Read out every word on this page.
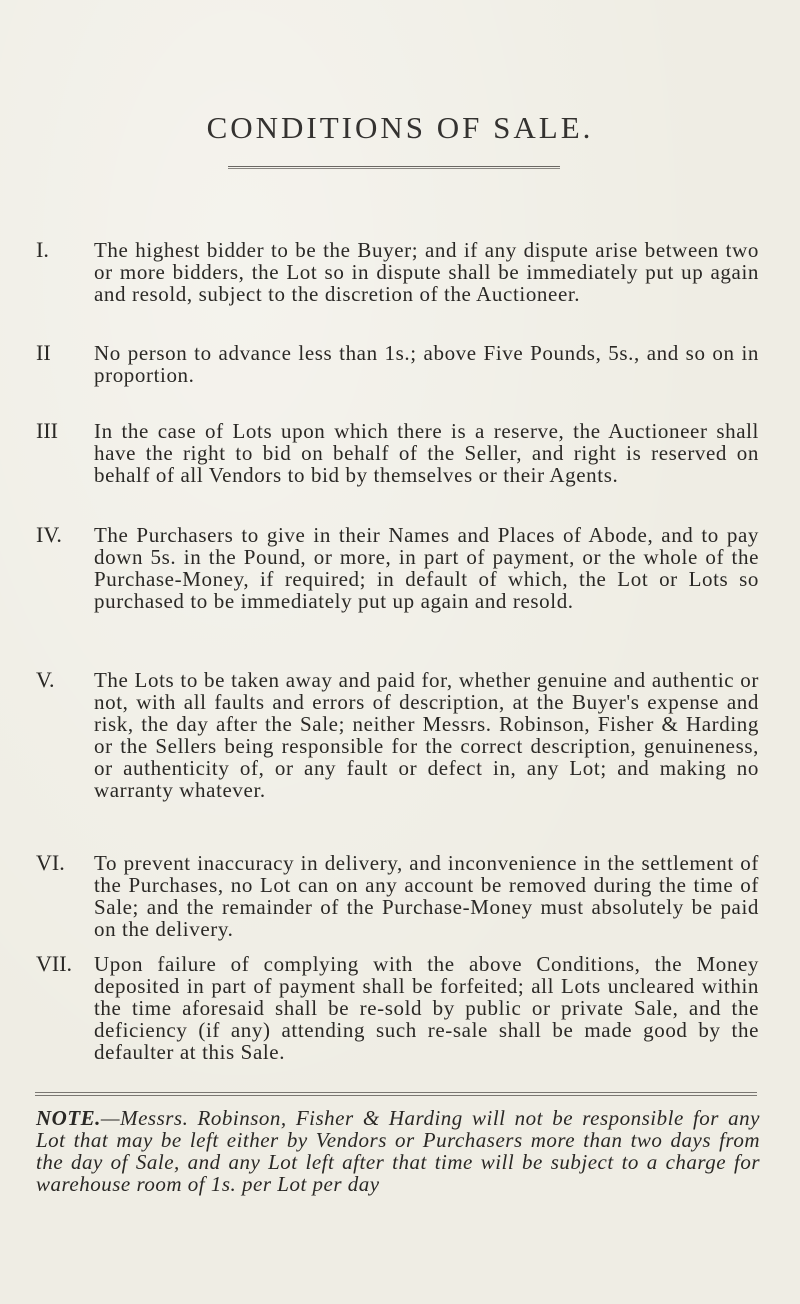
CONDITIONS OF SALE.
I.	The highest bidder to be the Buyer; and if any dispute arise between two or more bidders, the Lot so in dispute shall be immediately put up again and resold, subject to the discretion of the Auctioneer.
II	No person to advance less than 1s.; above Five Pounds, 5s., and so on in proportion.
III	In the case of Lots upon which there is a reserve, the Auctioneer shall have the right to bid on behalf of the Seller, and right is reserved on behalf of all Vendors to bid by themselves or their Agents.
IV.	The Purchasers to give in their Names and Places of Abode, and to pay down 5s. in the Pound, or more, in part of payment, or the whole of the Purchase-Money, if required; in default of which, the Lot or Lots so purchased to be immediately put up again and resold.
V.	The Lots to be taken away and paid for, whether genuine and authentic or not, with all faults and errors of description, at the Buyer's expense and risk, the day after the Sale; neither Messrs. Robinson, Fisher & Harding or the Sellers being responsible for the correct description, genuineness, or authenticity of, or any fault or defect in, any Lot; and making no warranty whatever.
VI.	To prevent inaccuracy in delivery, and inconvenience in the settlement of the Purchases, no Lot can on any account be removed during the time of Sale; and the remainder of the Purchase-Money must absolutely be paid on the delivery.
VII.	Upon failure of complying with the above Conditions, the Money deposited in part of payment shall be forfeited; all Lots uncleared within the time aforesaid shall be re-sold by public or private Sale, and the deficiency (if any) attending such re-sale shall be made good by the defaulter at this Sale.
NOTE.—Messrs. Robinson, Fisher & Harding will not be responsible for any Lot that may be left either by Vendors or Purchasers more than two days from the day of Sale, and any Lot left after that time will be subject to a charge for warehouse room of 1s. per Lot per day
